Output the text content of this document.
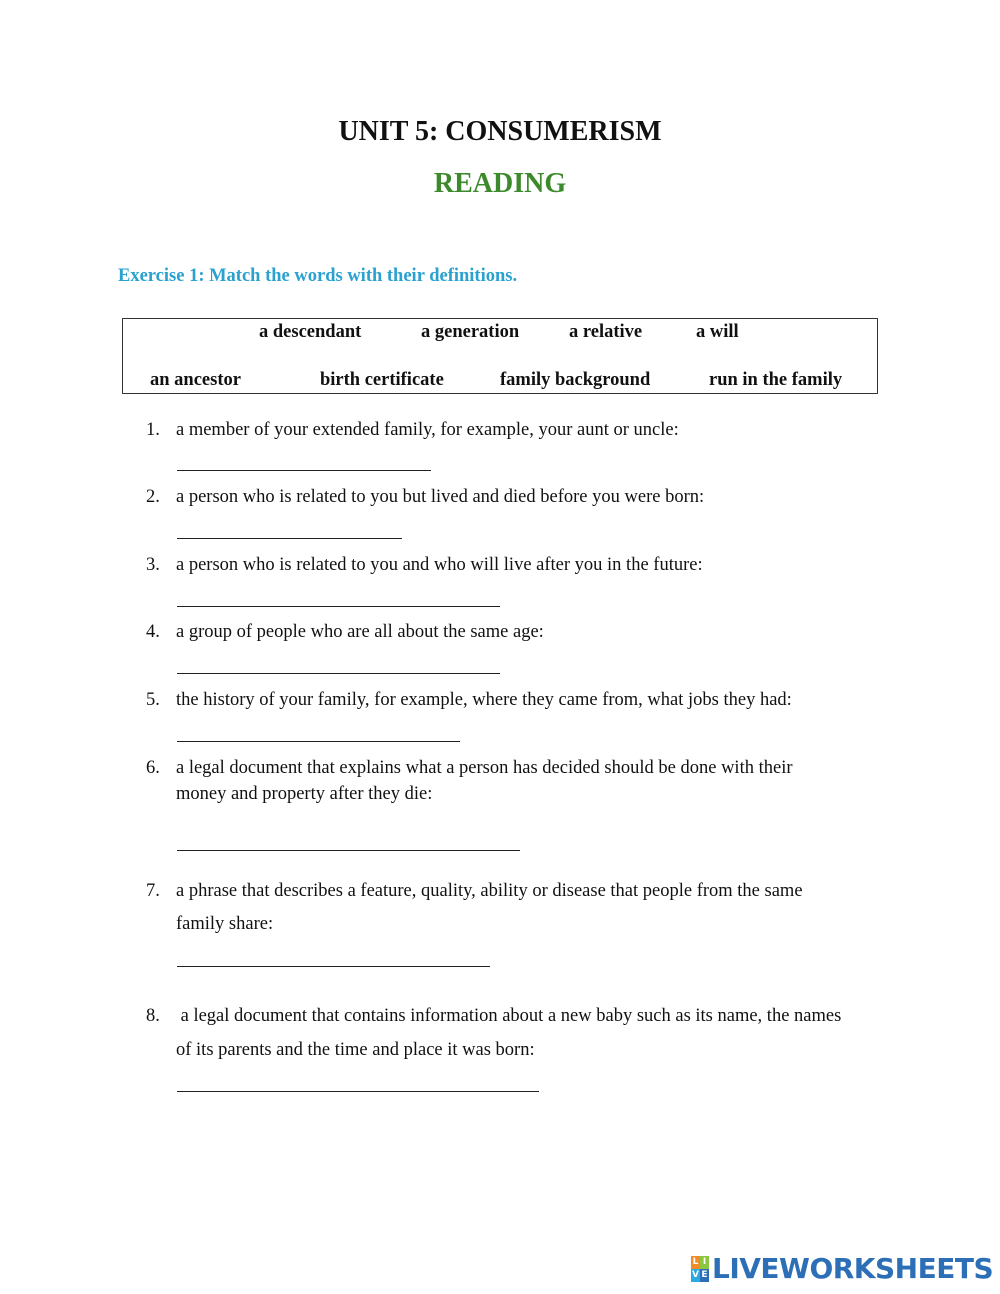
UNIT 5: CONSUMERISM
READING
Exercise 1: Match the words with their definitions.
a descendant	a generation	a relative	a will
an ancestor	birth certificate	family background	run in the family
1. a member of your extended family, for example, your aunt or uncle:
2. a person who is related to you but lived and died before you were born:
3. a person who is related to you and who will live after you in the future:
4. a group of people who are all about the same age:
5. the history of your family, for example, where they came from, what jobs they had:
6. a legal document that explains what a person has decided should be done with their
money and property after they die:
7. a phrase that describes a feature, quality, ability or disease that people from the same
family share:
8. a legal document that contains information about a new baby such as its name, the names
of its parents and the time and place it was born:
L I
V E LIVEWORKSHEETS
